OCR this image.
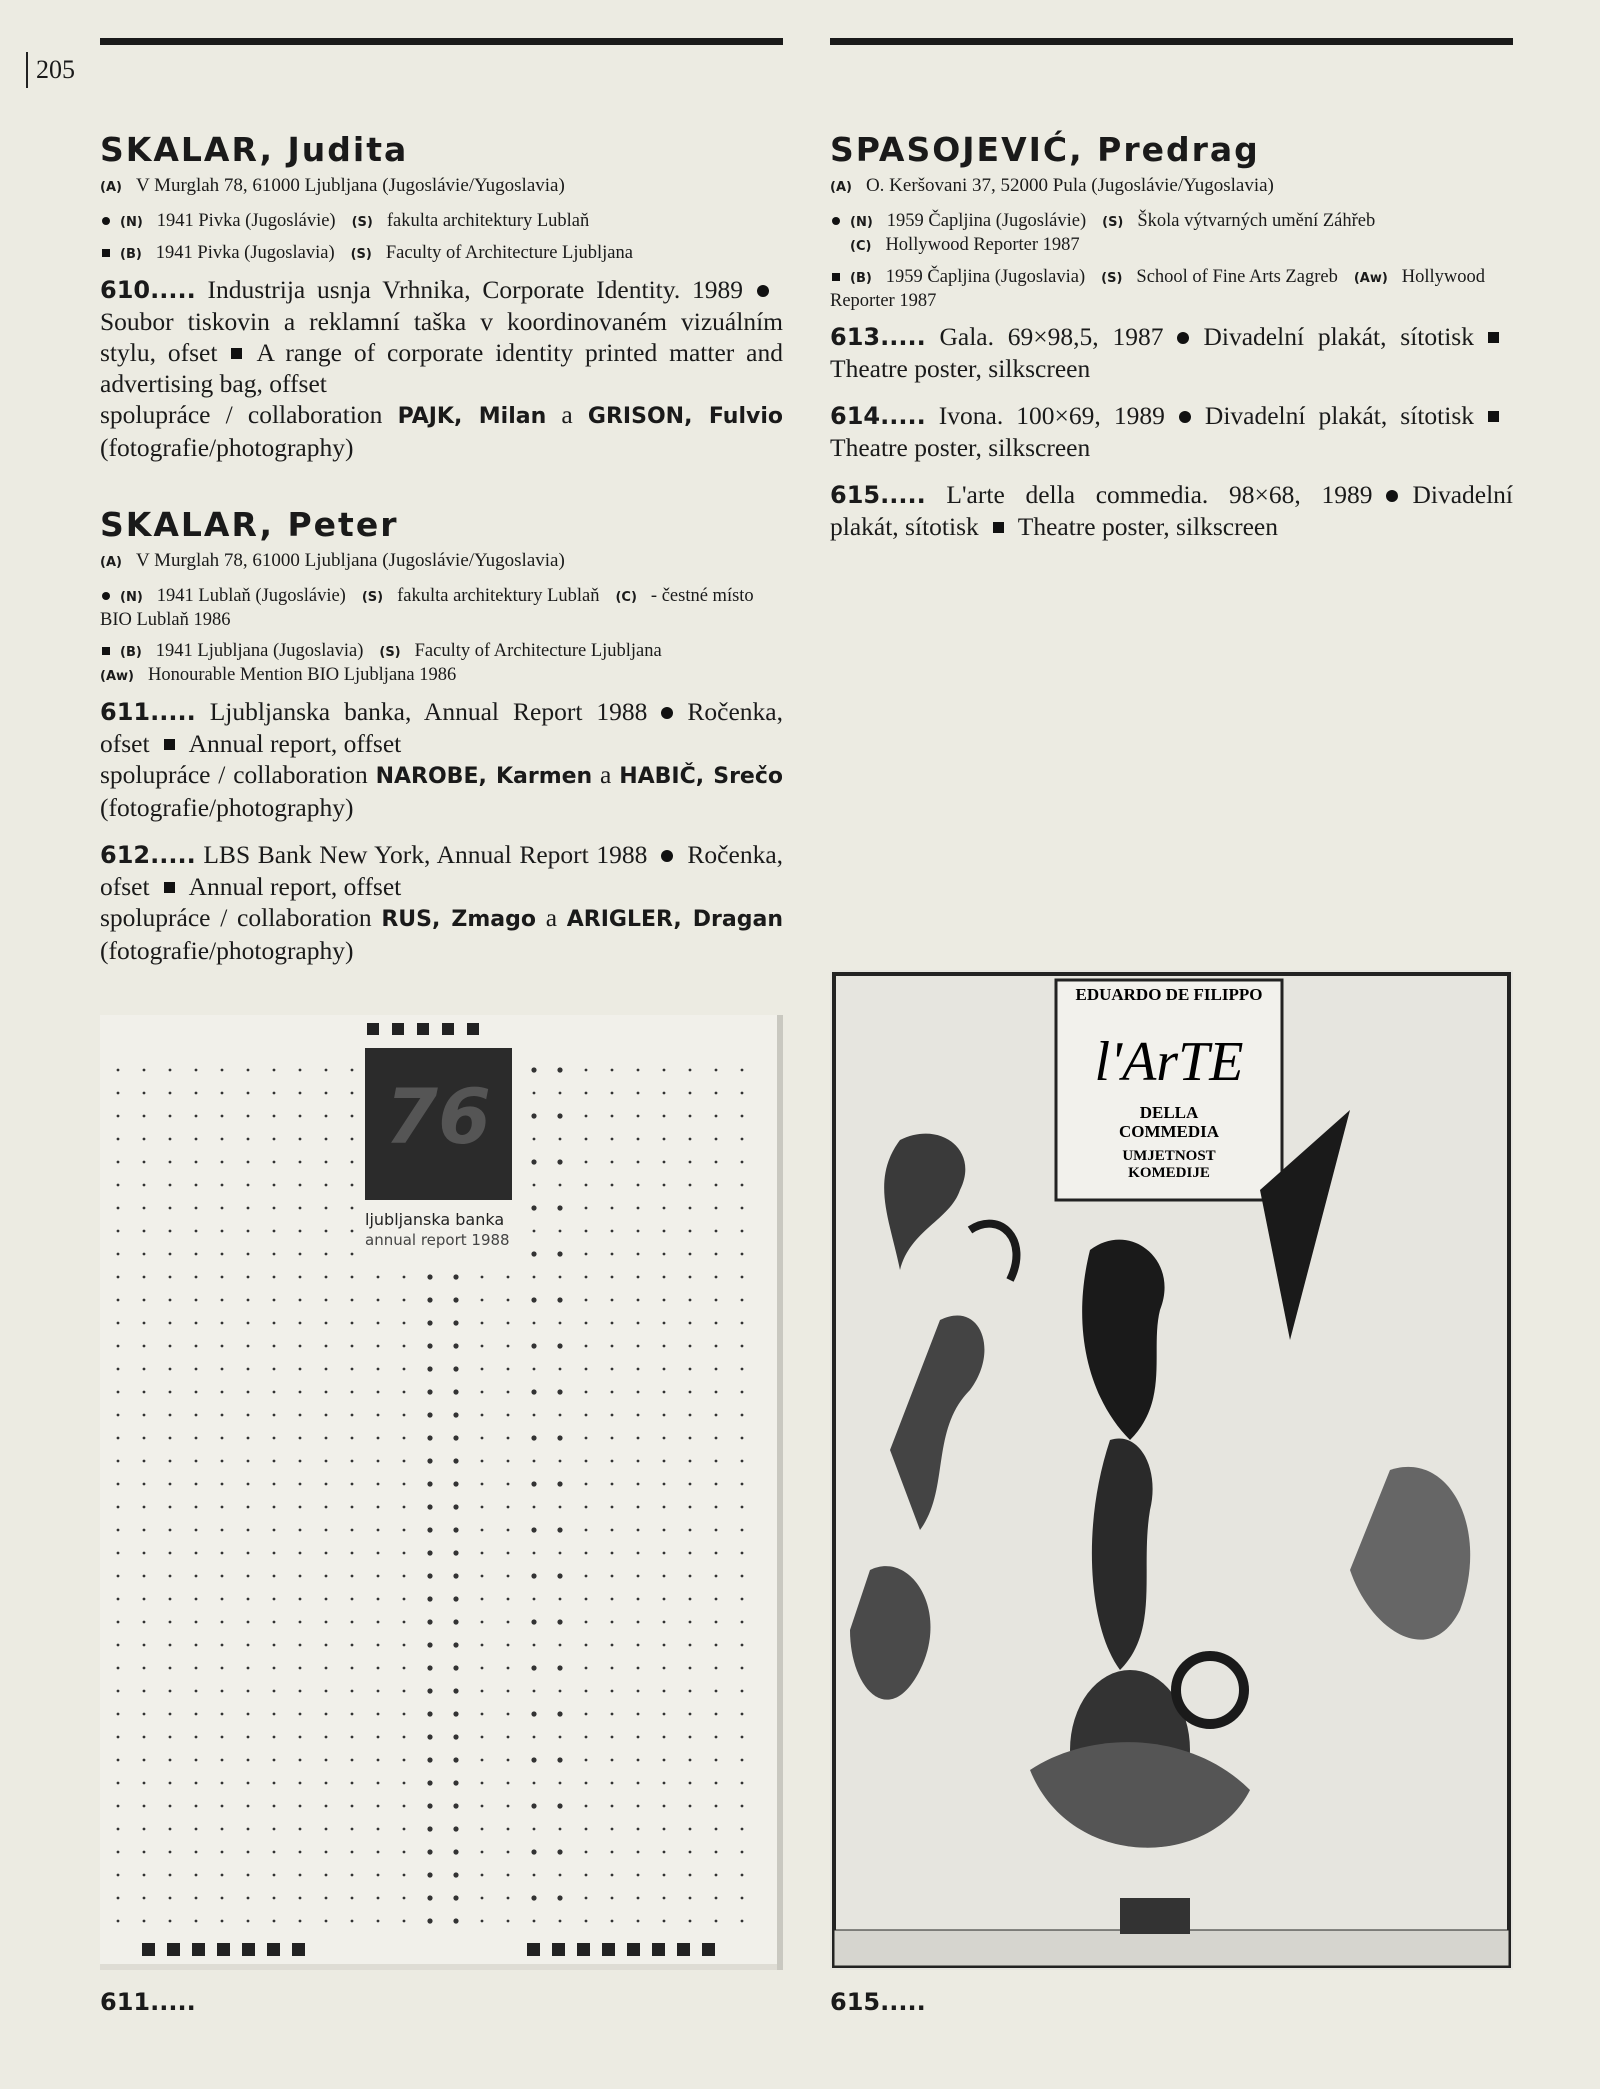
205
SKALAR, Judita
(A) V Murglah 78, 61000 Ljubljana (Jugoslávie/Yugoslavia)
(N) 1941 Pivka (Jugoslávie) (S) fakulta architektury Lublaň
(B) 1941 Pivka (Jugoslavia) (S) Faculty of Architecture Ljubljana
610..... Industrija usnja Vrhnika, Corporate Identity. 1989Soubor tiskovin a reklamní taška v koordinovaném vizuálním stylu, ofset A range of corporate identity printed matter and advertising bag, offset
spolupráce / collaboration PAJK, Milan a GRISON, Fulvio (fotografie/photography)
SKALAR, Peter
(A) V Murglah 78, 61000 Ljubljana (Jugoslávie/Yugoslavia)
(N) 1941 Lublaň (Jugoslávie) (S) fakulta architektury Lublaň (C) - čestné místo BIO Lublaň 1986
(B) 1941 Ljubljana (Jugoslavia) (S) Faculty of Architecture Ljubljana(Aw) Honourable Mention BIO Ljubljana 1986
611..... Ljubljanska banka, Annual Report 1988 Ročenka, ofset Annual report, offset
spolupráce / collaboration NAROBE, Karmen a HABIČ, Srečo (fotografie/photography)
612..... LBS Bank New York, Annual Report 1988 Ročenka, ofset Annual report, offset
spolupráce / collaboration RUS, Zmago a ARIGLER, Dragan (fotografie/photography)
76
ljubljanska banka
annual report 1988
611.....
SPASOJEVIĆ, Predrag
(A) O. Keršovani 37, 52000 Pula (Jugoslávie/Yugoslavia)
(N) 1959 Čapljina (Jugoslávie) (S) Škola výtvarných umění Záhřeb
(C) Hollywood Reporter 1987
(B) 1959 Čapljina (Jugoslavia) (S) School of Fine Arts Zagreb (Aw) Hollywood Reporter 1987
613..... Gala. 69×98,5, 1987 Divadelní plakát, sítotiskTheatre poster, silkscreen
614..... Ivona. 100×69, 1989 Divadelní plakát, sítotiskTheatre poster, silkscreen
615..... L'arte della commedia. 98×68, 1989 Divadelní plakát, sítotisk Theatre poster, silkscreen
EDUARDO DE FILIPPO
l'ArTE
DELLA
COMMEDIA
UMJETNOST
KOMEDIJE
615.....
